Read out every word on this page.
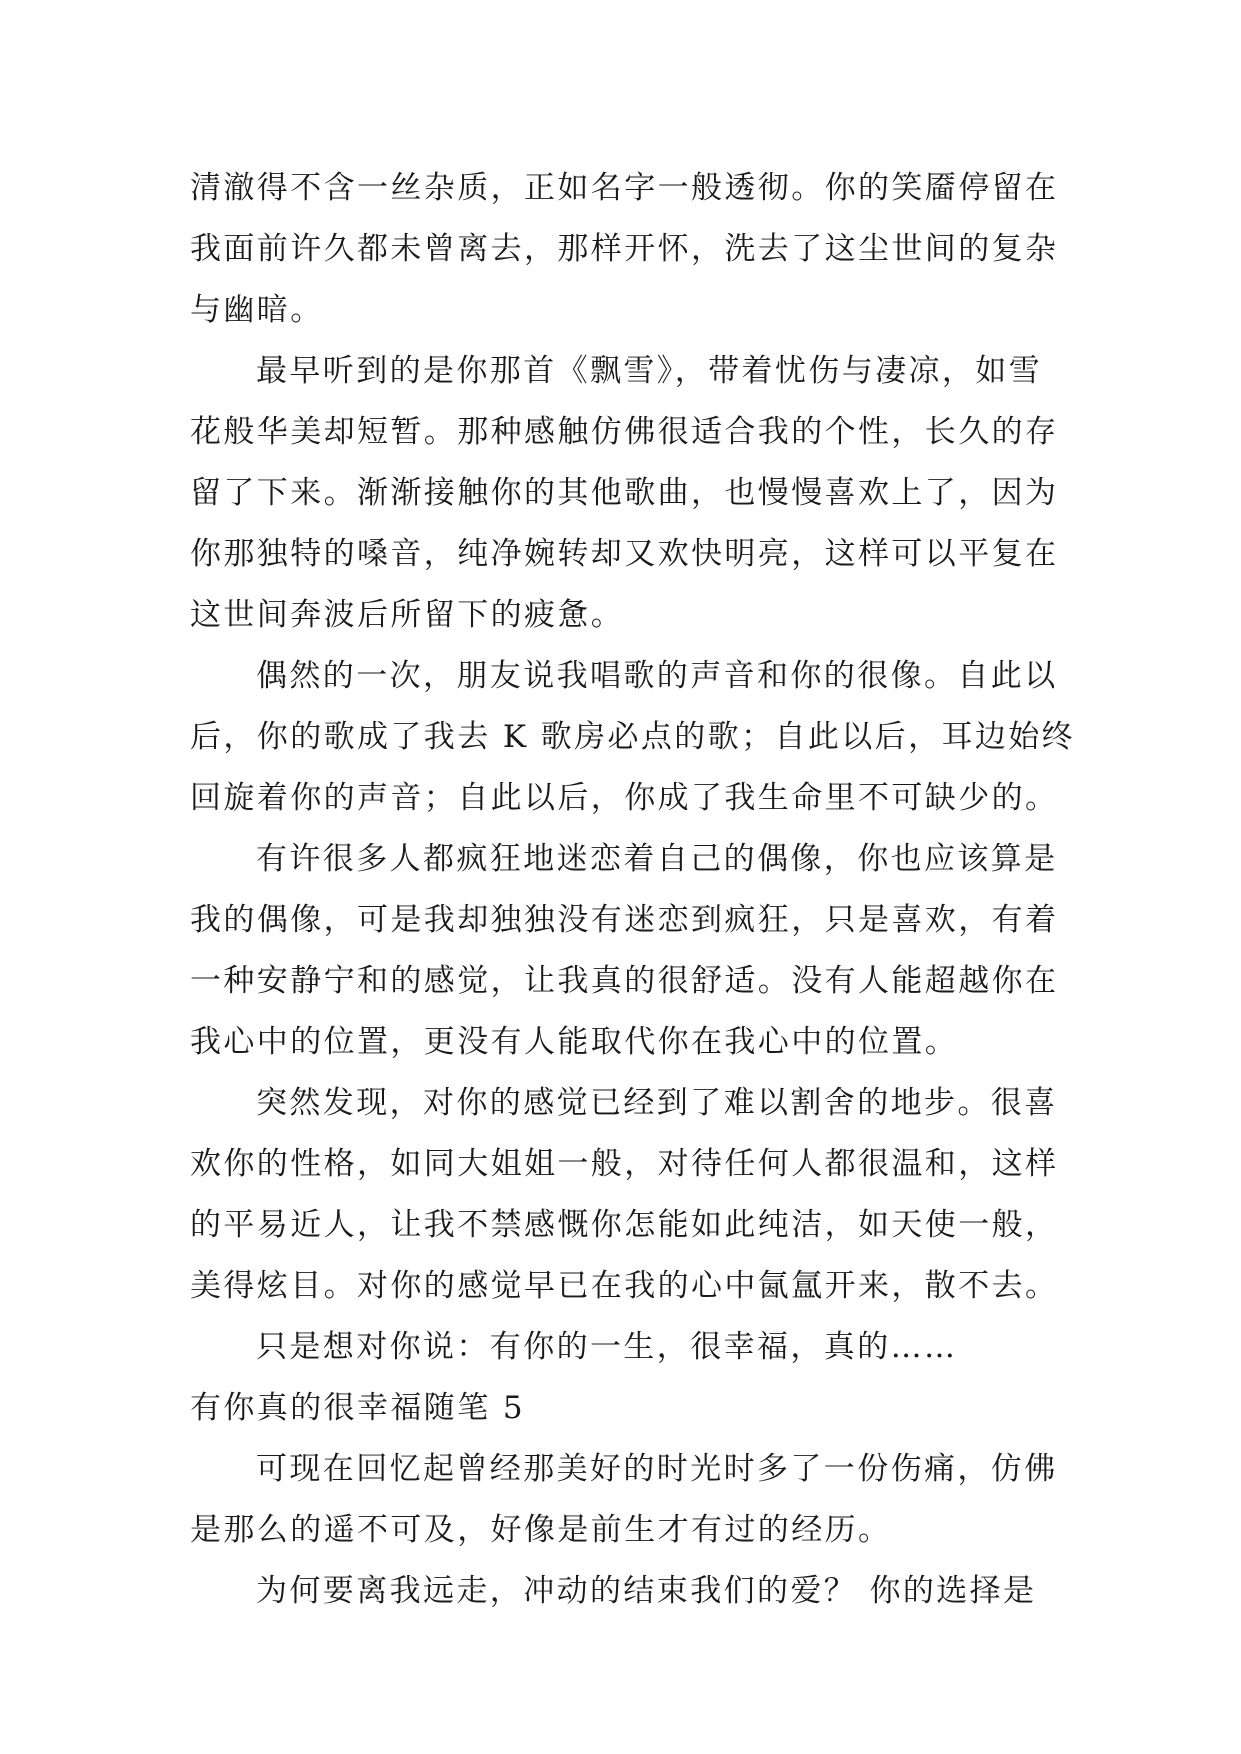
清澈得不含一丝杂质，正如名字一般透彻。你的笑靥停留在
我面前许久都未曾离去，那样开怀，洗去了这尘世间的复杂
与幽暗。
最早听到的是你那首《飘雪》，带着忧伤与凄凉，如雪
花般华美却短暂。那种感触仿佛很适合我的个性，长久的存
留了下来。渐渐接触你的其他歌曲，也慢慢喜欢上了，因为
你那独特的嗓音，纯净婉转却又欢快明亮，这样可以平复在
这世间奔波后所留下的疲惫。
偶然的一次，朋友说我唱歌的声音和你的很像。自此以
后，你的歌成了我去 K 歌房必点的歌；自此以后，耳边始终
回旋着你的声音；自此以后，你成了我生命里不可缺少的。
有许很多人都疯狂地迷恋着自己的偶像，你也应该算是
我的偶像，可是我却独独没有迷恋到疯狂，只是喜欢，有着
一种安静宁和的感觉，让我真的很舒适。没有人能超越你在
我心中的位置，更没有人能取代你在我心中的位置。
突然发现，对你的感觉已经到了难以割舍的地步。很喜
欢你的性格，如同大姐姐一般，对待任何人都很温和，这样
的平易近人，让我不禁感慨你怎能如此纯洁，如天使一般，
美得炫目。对你的感觉早已在我的心中氤氲开来，散不去。
只是想对你说：有你的一生，很幸福，真的……
有你真的很幸福随笔 5
可现在回忆起曾经那美好的时光时多了一份伤痛，仿佛
是那么的遥不可及，好像是前生才有过的经历。
为何要离我远走，冲动的结束我们的爱？ 你的选择是
